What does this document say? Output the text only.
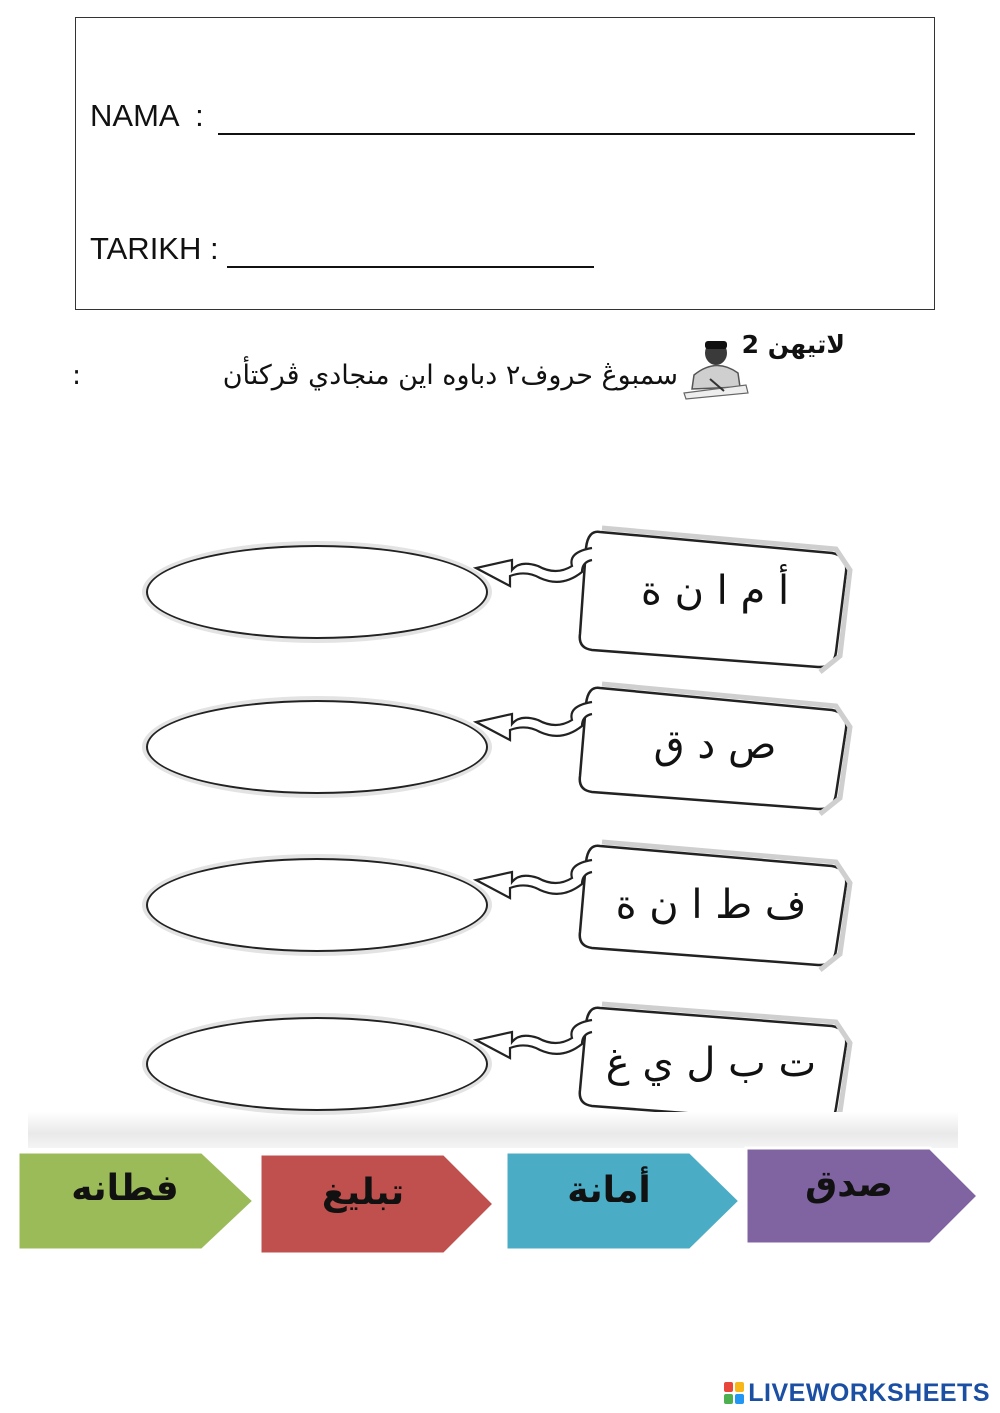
NAMA  :
TARIKH :
لاتيهن 2
سمبوڠ حروف٢ دباوه اين منجادي ڤركتأن
:
أ م ا ن ة
ص د ق
ف ط ا ن ة
ت ب ل ي غ
فطانه	تبليغ	أمانة	صدق
LIVEWORKSHEETS
